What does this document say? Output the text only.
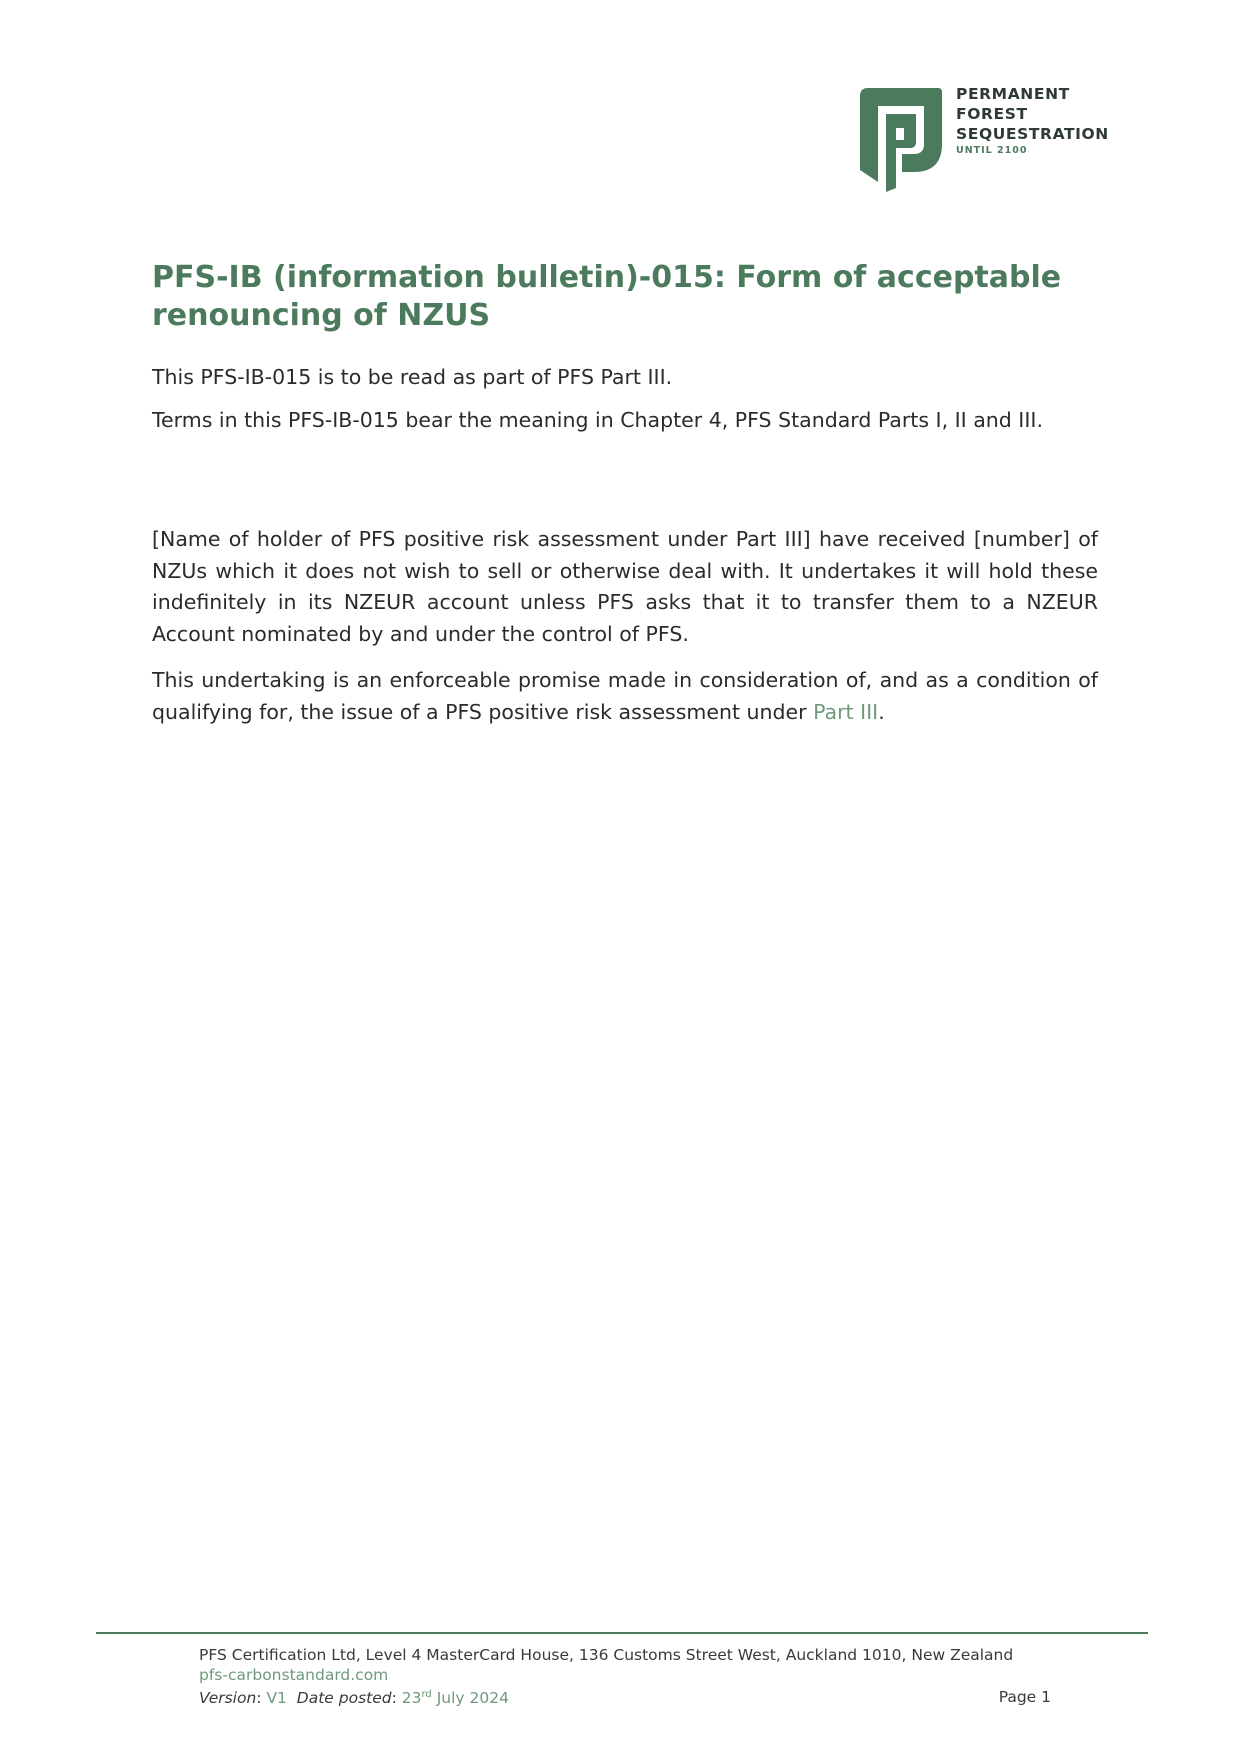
PERMANENT
FOREST
SEQUESTRATION
UNTIL 2100
PFS-IB (information bulletin)-015: Form of acceptable renouncing of NZUS

This PFS-IB-015 is to be read as part of PFS Part III.

Terms in this PFS-IB-015 bear the meaning in Chapter 4, PFS Standard Parts I, II and III.

[Name of holder of PFS positive risk assessment under Part III] have received [number] of NZUs which it does not wish to sell or otherwise deal with. It undertakes it will hold these indefinitely in its NZEUR account unless PFS asks that it to transfer them to a NZEUR Account nominated by and under the control of PFS.

This undertaking is an enforceable promise made in consideration of, and as a condition of qualifying for, the issue of a PFS positive risk assessment under Part III.

PFS Certification Ltd, Level 4 MasterCard House, 136 Customs Street West, Auckland 1010, New Zealand
pfs-carbonstandard.com
Version: V1 Date posted: 23rd July 2024	Page 1
